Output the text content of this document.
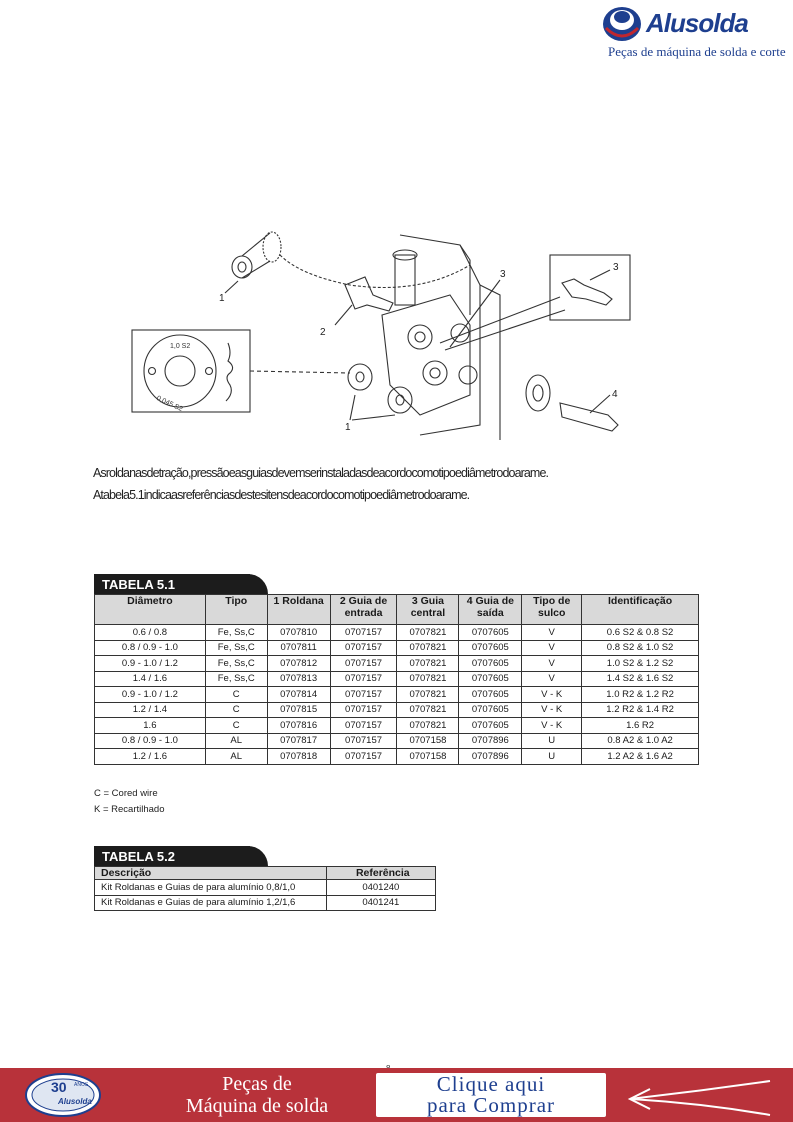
Alusolda
Peças de máquina de solda e corte
1,0 S2
0,045 S2
1
2
3
1
3
4
Asroldanasdetração,pressãoeasguiasdevemserinstaladasdeacordocomotipoediâmetrodoarame.
Atabela5.1indicaasreferênciasdestesitensdeacordocomotipoediâmetrodoarame.
TABELA 5.1
Diâmetro	Tipo	1 Roldana	2 Guia de entrada	3 Guia central	4 Guia de saída	Tipo de sulco	Identificação
0.6 / 0.8	Fe, Ss,C	0707810	0707157	0707821	0707605	V	0.6 S2 & 0.8 S2
0.8 / 0.9 - 1.0	Fe, Ss,C	0707811	0707157	0707821	0707605	V	0.8 S2 & 1.0 S2
0.9 - 1.0 / 1.2	Fe, Ss,C	0707812	0707157	0707821	0707605	V	1.0 S2 & 1.2 S2
1.4 / 1.6	Fe, Ss,C	0707813	0707157	0707821	0707605	V	1.4 S2 & 1.6 S2
0.9 - 1.0 / 1.2	C	0707814	0707157	0707821	0707605	V - K	1.0 R2 & 1.2 R2
1.2 / 1.4	C	0707815	0707157	0707821	0707605	V - K	1.2 R2 & 1.4 R2
1.6	C	0707816	0707157	0707821	0707605	V - K	1.6 R2
0.8 / 0.9 - 1.0	AL	0707817	0707157	0707158	0707896	U	0.8 A2 & 1.0 A2
1.2 / 1.6	AL	0707818	0707157	0707158	0707896	U	1.2 A2 & 1.6 A2
C = Cored wire
K = Recartilhado
TABELA 5.2
Descrição	Referência
Kit Roldanas e Guias de para alumínio 0,8/1,0	0401240
Kit Roldanas e Guias de para alumínio 1,2/1,6	0401241
30 ANOS
Alusolda
Peças de
Máquina de solda
Clique aqui
para Comprar
